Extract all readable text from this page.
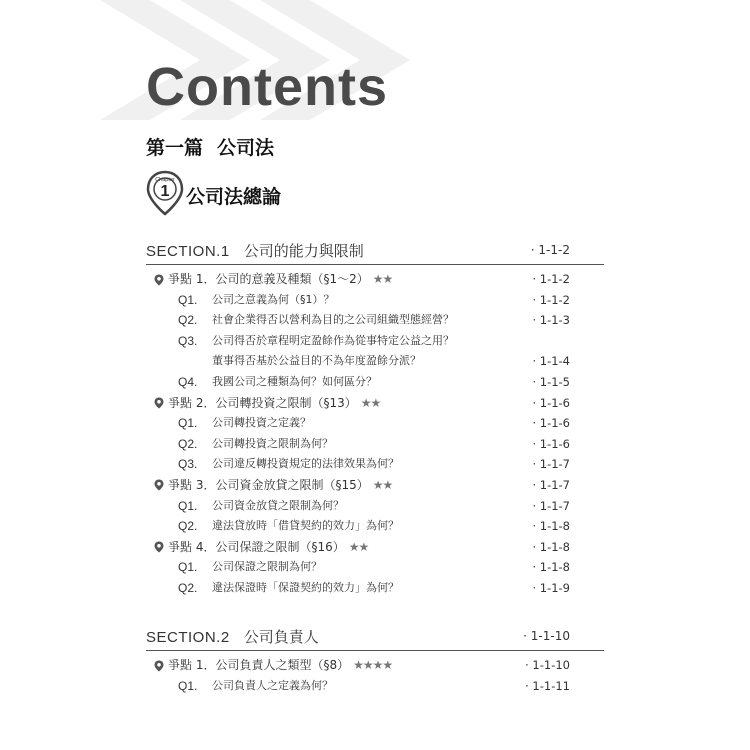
Contents
第一篇 公司法
Chapter
1 公司法總論
SECTION.1 公司的能力與限制	· 1-1-2
爭點 1．公司的意義及種類（§1～2） ★★	· 1-1-2
Q1. 公司之意義為何（§1）？	· 1-1-2
Q2. 社會企業得否以營利為目的之公司組織型態經營？	· 1-1-3
Q3. 公司得否於章程明定盈餘作為從事特定公益之用？
董事得否基於公益目的不為年度盈餘分派？	· 1-1-4
Q4. 我國公司之種類為何？如何區分？	· 1-1-5
爭點 2．公司轉投資之限制（§13） ★★	· 1-1-6
Q1. 公司轉投資之定義？	· 1-1-6
Q2. 公司轉投資之限制為何？	· 1-1-6
Q3. 公司違反轉投資規定的法律效果為何？	· 1-1-7
爭點 3．公司資金放貸之限制（§15） ★★	· 1-1-7
Q1. 公司資金放貸之限制為何？	· 1-1-7
Q2. 違法貸放時「借貸契約的效力」為何？	· 1-1-8
爭點 4．公司保證之限制（§16） ★★	· 1-1-8
Q1. 公司保證之限制為何？	· 1-1-8
Q2. 違法保證時「保證契約的效力」為何？	· 1-1-9
SECTION.2 公司負責人	· 1-1-10
爭點 1．公司負責人之類型（§8） ★★★★	· 1-1-10
Q1. 公司負責人之定義為何？	· 1-1-11
